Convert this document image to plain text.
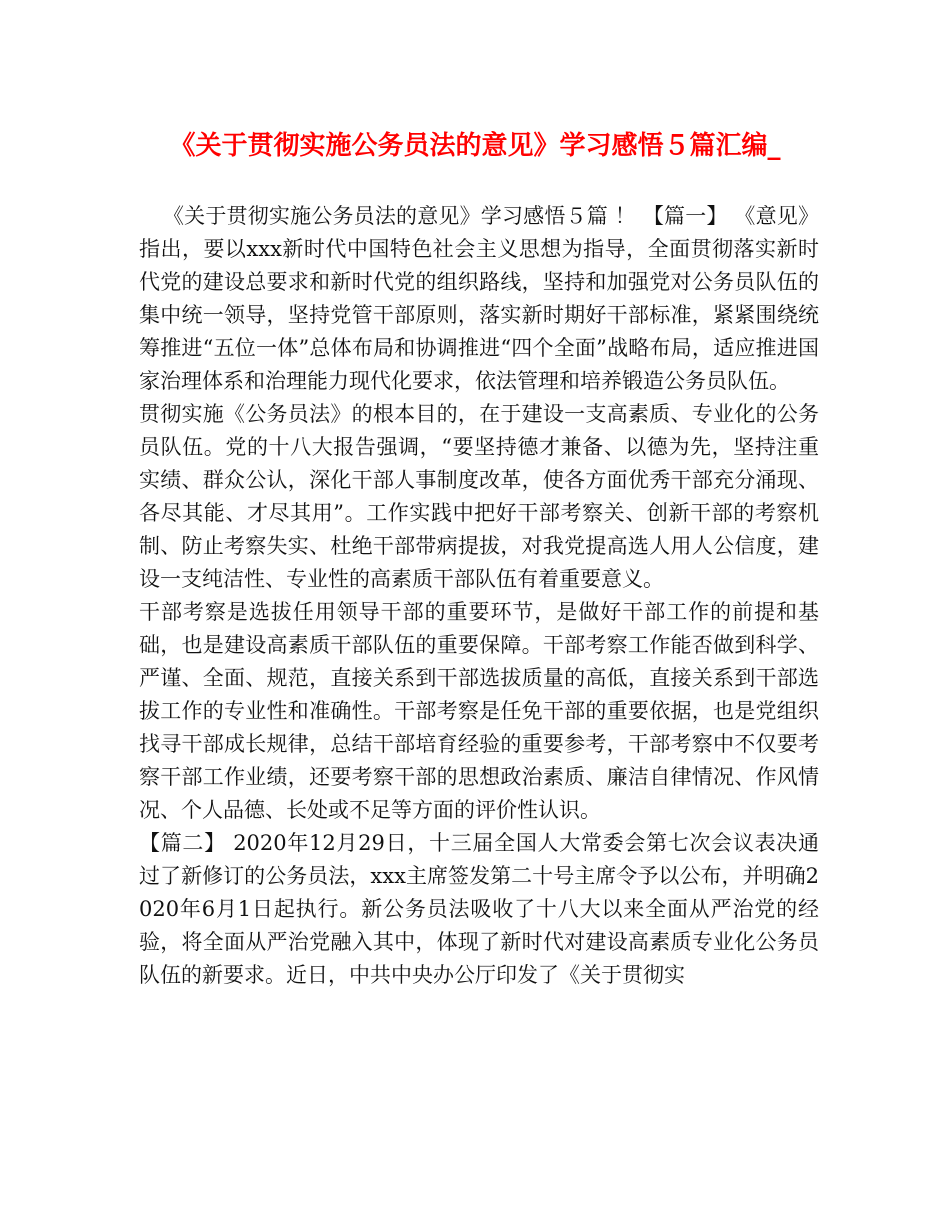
《关于贯彻实施公务员法的意见》学习感悟５篇汇编_

《关于贯彻实施公务员法的意见》学习感悟５篇 ！ 【篇一】 《意见》指出，要以xxx新时代中国特色社会主义思想为指导，全面贯彻落实新时代党的建设总要求和新时代党的组织路线，坚持和加强党对公务员队伍的集中统一领导，坚持党管干部原则，落实新时期好干部标准，紧紧围绕统筹推进“五位一体”总体布局和协调推进“四个全面”战略布局，适应推进国家治理体系和治理能力现代化要求，依法管理和培养锻造公务员队伍。

贯彻实施《公务员法》的根本目的，在于建设一支高素质、专业化的公务员队伍。党的十八大报告强调，“要坚持德才兼备、以德为先，坚持注重实绩、群众公认，深化干部人事制度改革，使各方面优秀干部充分涌现、各尽其能、才尽其用”。工作实践中把好干部考察关、创新干部的考察机制、防止考察失实、杜绝干部带病提拔，对我党提高选人用人公信度，建设一支纯洁性、专业性的高素质干部队伍有着重要意义。

干部考察是选拔任用领导干部的重要环节，是做好干部工作的前提和基础，也是建设高素质干部队伍的重要保障。干部考察工作能否做到科学、严谨、全面、规范，直接关系到干部选拔质量的高低，直接关系到干部选拔工作的专业性和准确性。干部考察是任免干部的重要依据，也是党组织找寻干部成长规律，总结干部培育经验的重要参考，干部考察中不仅要考察干部工作业绩，还要考察干部的思想政治素质、廉洁自律情况、作风情况、个人品德、长处或不足等方面的评价性认识。

【篇二】 2020年12月29日，十三届全国人大常委会第七次会议表决通过了新修订的公务员法，xxx主席签发第二十号主席令予以公布，并明确2020年6月1日起执行。新公务员法吸收了十八大以来全面从严治党的经验，将全面从严治党融入其中，体现了新时代对建设高素质专业化公务员队伍的新要求。近日，中共中央办公厅印发了《关于贯彻实
